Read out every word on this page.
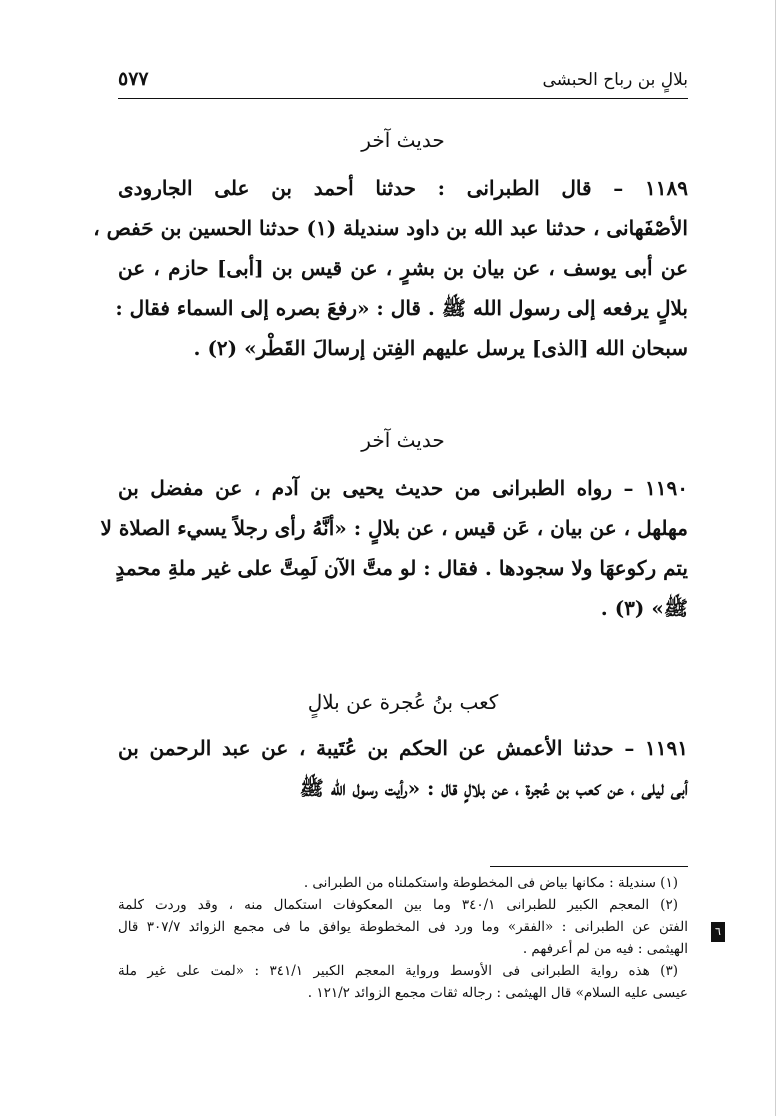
بلالٍ بن رباح الحبشى
٥٧٧
حديث آخر
١١٨٩ – قال الطبرانى : حدثنا أحمد بن على الجارودى
الأصْفَهانى ، حدثنا عبد الله بن داود سنديلة (١) حدثنا الحسين بن حَفص ،
عن أبى يوسف ، عن بيان بن بشرٍ ، عن قيس بن [أبى] حازم ، عن
بلالٍ يرفعه إلى رسول الله ﷺ . قال : «رفعَ بصره إلى السماء فقال :
سبحان الله [الذى] يرسل عليهم الفِتن إرسالَ القَطْر» (٢) .
حديث آخر
١١٩٠ – رواه الطبرانى من حديث يحيى بن آدم ، عن مفضل بن
مهلهل ، عن بيان ، عَن قيس ، عن بلالٍ : «أنَّهُ رأى رجلاً يسيء الصلاة لا
يتم ركوعهَا ولا سجودها . فقال : لو متَّ الآن لَمِتَّ على غير ملةِ محمدٍ
ﷺ» (٣) .
كعب بنُ عُجرة عن بلالٍ
١١٩١ – حدثنا الأعمش عن الحكم بن عُتَيبة ، عن عبد الرحمن بن
أبى ليلى ، عن كعب بن عُجرة ، عن بلالٍ قال : «رأيت رسول الله ﷺ
(١) سنديلة : مكانها بياض فى المخطوطة واستكملناه من الطبرانى .
(٢) المعجم الكبير للطبرانى ٣٤٠/١ وما بين المعكوفات استكمال منه ، وقد وردت كلمة
الفتن عن الطبرانى : «الفقر» وما ورد فى المخطوطة يوافق ما فى مجمع الزوائد ٣٠٧/٧ قال
الهيثمى : فيه من لم أعرفهم .
(٣) هذه رواية الطبرانى فى الأوسط ورواية المعجم الكبير ٣٤١/١ : «لمت على غير ملة
عيسى عليه السلام» قال الهيثمى : رجاله ثقات مجمع الزوائد ١٢١/٢ .
٦
